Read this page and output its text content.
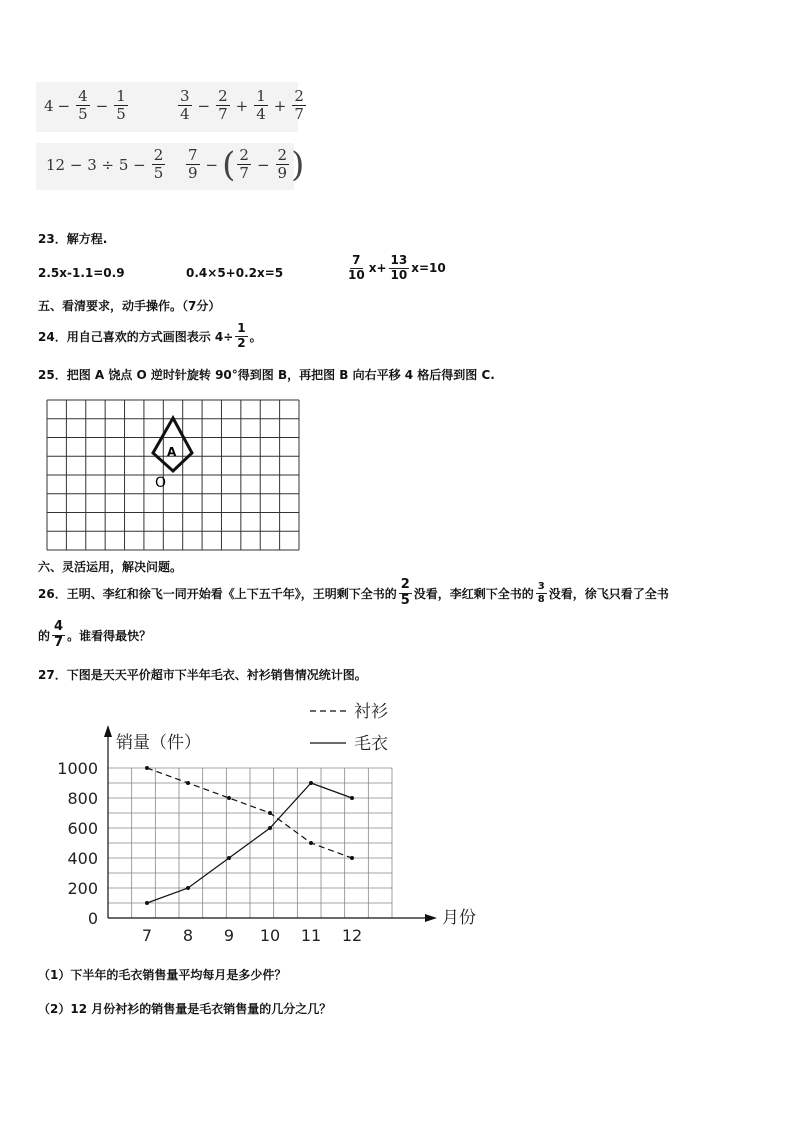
$4 - \frac{4}{5} - \frac{1}{5}$	$\frac{3}{4} - \frac{2}{7} + \frac{1}{4} + \frac{2}{7}$
$12 - 3 \div 5 - \frac{2}{5} \frac{7}{9}$ − ( $\frac{2}{7} - \frac{2}{9}$ )
23．解方程.
2.5x-1.1=0.9	0.4×5+0.2x=5	$\frac{7}{10} x+ \frac{13}{10} x=10$
五、看清要求，动手操作。（7分）
24．用自己喜欢的方式画图表示 $4\div \frac{1}{2}$ 。
25．把图 A 饶点 O 逆时针旋转 90°得到图 B，再把图 B 向右平移 4 格后得到图 C.
A
O
六、灵活运用，解决问题。
26．王明、李红和徐飞一同开始看《上下五千年》，王明剩下全书的 $\frac{2}{5}$ 没看，李红剩下全书的 $\frac{3}{8}$ 没看，徐飞只看了全书
的 $\frac{4}{7}$ 。谁看得最快？
27．下图是天天平价超市下半年毛衣、衬衫销售情况统计图。
销量（件）
月份
0
200
400
600
800
1000
7 8 9 10 11 12
衬衫
毛衣
（1）下半年的毛衣销售量平均每月是多少件？
（2）12 月份衬衫的销售量是毛衣销售量的几分之几？
